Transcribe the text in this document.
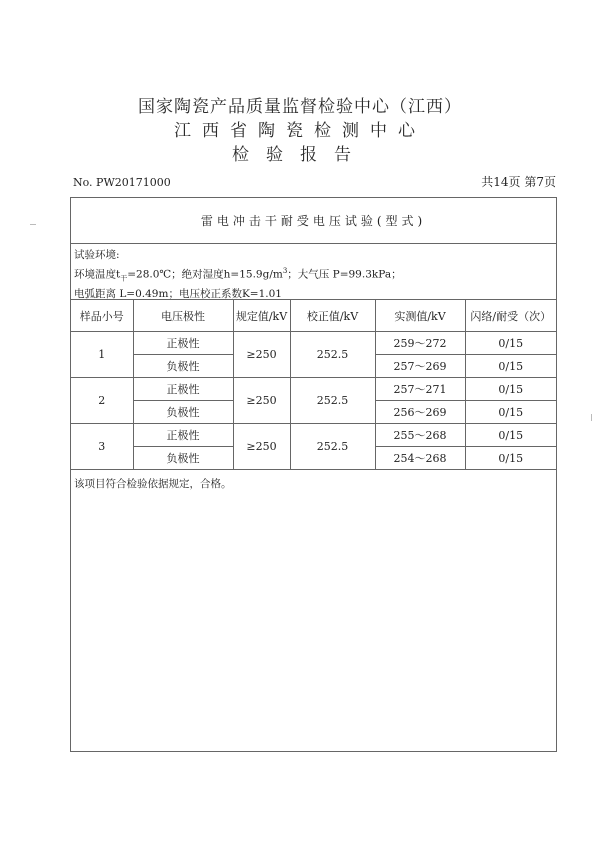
国家陶瓷产品质量监督检验中心（江西）
江西省陶瓷检测中心
检验报告
No. PW20171000	共14页 第7页
雷电冲击干耐受电压试验(型式)
试验环境:
环境温度$t_干=28.0℃$；绝对湿度$h=15.9g/m^3$；大气压 P=99.3kPa；
电弧距离 L=0.49m；电压校正系数K=1.01
样品小号	电压极性	规定值/kV	校正值/kV	实测值/kV	闪络/耐受（次）
1	正极性	≥250	252.5	259～272	0/15
	负极性			257～269	0/15
2	正极性	≥250	252.5	257～271	0/15
	负极性			256～269	0/15
3	正极性	≥250	252.5	255～268	0/15
	负极性			254～268	0/15
该项目符合检验依据规定，合格。
